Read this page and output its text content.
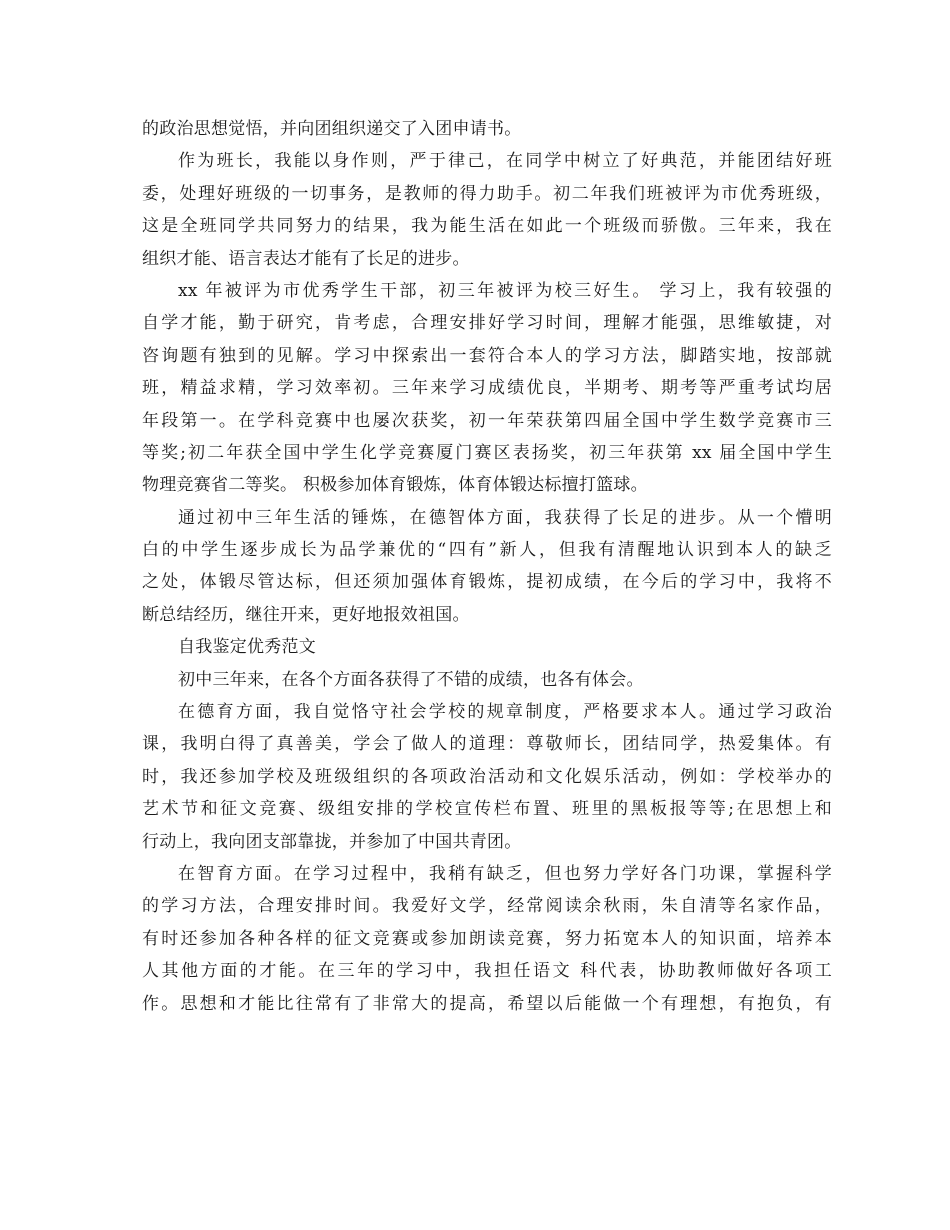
的政治思想觉悟，并向团组织递交了入团申请书。
作为班长，我能以身作则，严于律己，在同学中树立了好典范，并能团结好班
委，处理好班级的一切事务，是教师的得力助手。初二年我们班被评为市优秀班级，
这是全班同学共同努力的结果，我为能生活在如此一个班级而骄傲。三年来，我在
组织才能、语言表达才能有了长足的进步。
xx 年被评为市优秀学生干部，初三年被评为校三好生。 学习上，我有较强的
自学才能，勤于研究，肯考虑，合理安排好学习时间，理解才能强，思维敏捷，对
咨询题有独到的见解。学习中探索出一套符合本人的学习方法，脚踏实地，按部就
班，精益求精，学习效率初。三年来学习成绩优良，半期考、期考等严重考试均居
年段第一。在学科竞赛中也屡次获奖，初一年荣获第四届全国中学生数学竞赛市三
等奖;初二年获全国中学生化学竞赛厦门赛区表扬奖，初三年获第 xx 届全国中学生
物理竞赛省二等奖。 积极参加体育锻炼，体育体锻达标擅打篮球。
通过初中三年生活的锤炼，在德智体方面，我获得了长足的进步。从一个懵明
白的中学生逐步成长为品学兼优的“四有”新人，但我有清醒地认识到本人的缺乏
之处，体锻尽管达标，但还须加强体育锻炼，提初成绩，在今后的学习中，我将不
断总结经历，继往开来，更好地报效祖国。
自我鉴定优秀范文
初中三年来，在各个方面各获得了不错的成绩，也各有体会。
在德育方面，我自觉恪守社会学校的规章制度，严格要求本人。通过学习政治
课，我明白得了真善美，学会了做人的道理：尊敬师长，团结同学，热爱集体。有
时，我还参加学校及班级组织的各项政治活动和文化娱乐活动，例如：学校举办的
艺术节和征文竞赛、级组安排的学校宣传栏布置、班里的黑板报等等;在思想上和
行动上，我向团支部靠拢，并参加了中国共青团。
在智育方面。在学习过程中，我稍有缺乏，但也努力学好各门功课，掌握科学
的学习方法，合理安排时间。我爱好文学，经常阅读余秋雨，朱自清等名家作品，
有时还参加各种各样的征文竞赛或参加朗读竞赛，努力拓宽本人的知识面，培养本
人其他方面的才能。在三年的学习中，我担任语文 科代表，协助教师做好各项工
作。思想和才能比往常有了非常大的提高，希望以后能做一个有理想，有抱负，有
